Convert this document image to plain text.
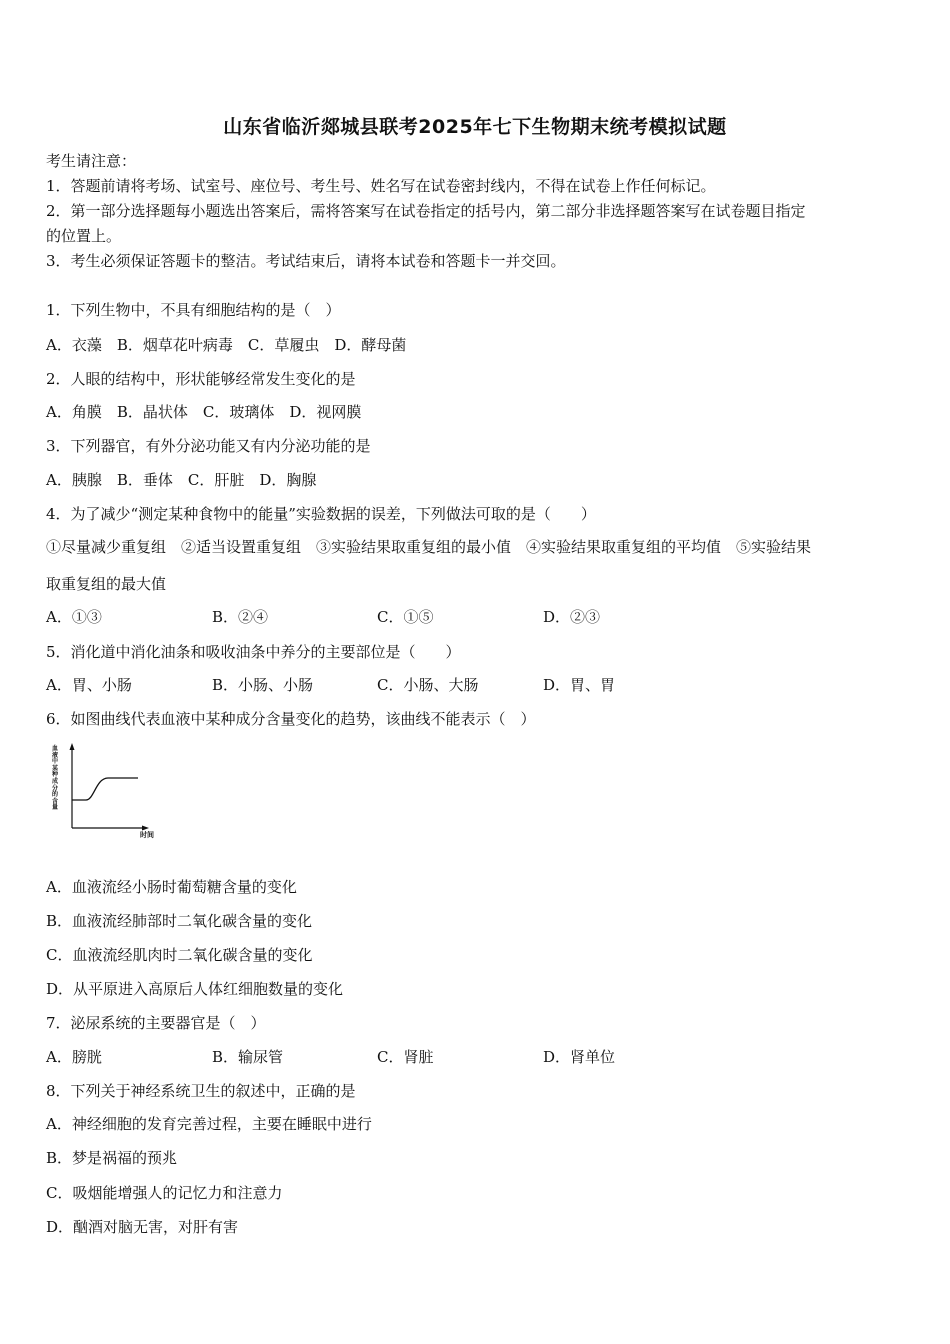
山东省临沂郯城县联考2025年七下生物期末统考模拟试题
考生请注意：
1．答题前请将考场、试室号、座位号、考生号、姓名写在试卷密封线内，不得在试卷上作任何标记。
2．第一部分选择题每小题选出答案后，需将答案写在试卷指定的括号内，第二部分非选择题答案写在试卷题目指定
的位置上。
3．考生必须保证答题卡的整洁。考试结束后，请将本试卷和答题卡一并交回。
1．下列生物中，不具有细胞结构的是（　）
A．衣藻　B．烟草花叶病毒　C．草履虫　D．酵母菌
2．人眼的结构中，形状能够经常发生变化的是
A．角膜　B．晶状体　C．玻璃体　D．视网膜
3．下列器官，有外分泌功能又有内分泌功能的是
A．胰腺　B．垂体　C．肝脏　D．胸腺
4．为了减少“测定某种食物中的能量”实验数据的误差，下列做法可取的是（　　）
①尽量减少重复组　②适当设置重复组　③实验结果取重复组的最小值　④实验结果取重复组的平均值　⑤实验结果
取重复组的最大值
A．①③	B．②④	C．①⑤	D．②③
5．消化道中消化油条和吸收油条中养分的主要部位是（　　）
A．胃、小肠	B．小肠、小肠	C．小肠、大肠	D．胃、胃
6．如图曲线代表血液中某种成分含量变化的趋势，该曲线不能表示（　）
血液中某种成分的含量
时间
A．血液流经小肠时葡萄糖含量的变化
B．血液流经肺部时二氧化碳含量的变化
C．血液流经肌肉时二氧化碳含量的变化
D．从平原进入高原后人体红细胞数量的变化
7．泌尿系统的主要器官是（　）
A．膀胱	B．输尿管	C．肾脏	D．肾单位
8．下列关于神经系统卫生的叙述中，正确的是
A．神经细胞的发育完善过程，主要在睡眠中进行
B．梦是祸福的预兆
C．吸烟能增强人的记忆力和注意力
D．酗酒对脑无害，对肝有害
